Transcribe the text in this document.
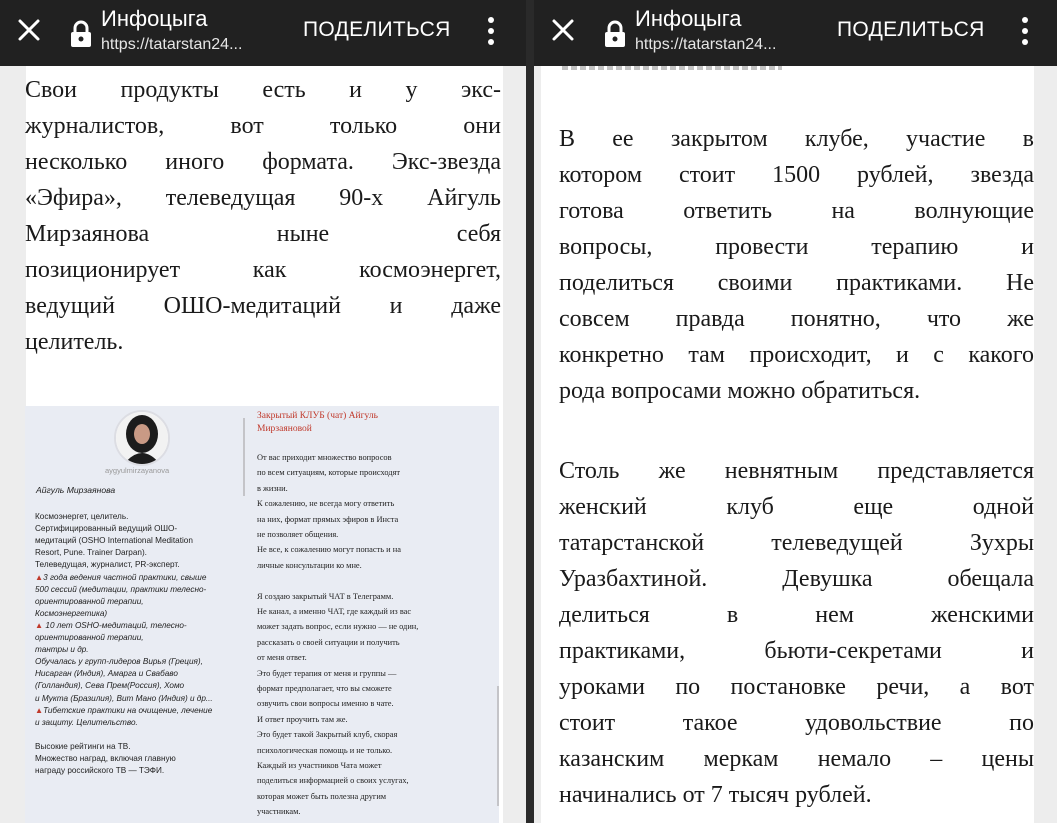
Инфоцыга
https://tatarstan24...
ПОДЕЛИТЬСЯ
Свои продукты есть и у экс-
журналистов, вот только они
несколько иного формата. Экс-звезда
«Эфира», телеведущая 90-х Айгуль
Мирзаянова ныне себя
позиционирует как космоэнергет,
ведущий ОШО-медитаций и даже
целитель.
aygyulmirzayanova
Айгуль Мирзаянова
Космоэнергет, целитель.
Сертифицированный ведущий ОШО-
медитаций (OSHO International Meditation
Resort, Pune. Trainer Darpan).
Телеведущая, журналист, PR-эксперт.
▲3 года ведения частной практики, свыше
500 сессий (медитации, практики телесно-
ориентированной терапии,
Космоэнергетика)
▲ 10 лет OSHO-медитаций, телесно-
ориентированной терапии,
тантры и др.
Обучалась у групп-лидеров Вирья (Греция),
Нисарган (Индия), Амарга и Свабаво
(Голландия), Сева Прем(Россия), Хомо
и Мукта (Бразилия), Вит Мано (Индия) и др...
▲Тибетские практики на очищение, лечение
и защиту. Целительство.
Высокие рейтинги на ТВ.
Множество наград, включая главную
награду российского ТВ — ТЭФИ.
Закрытый КЛУБ (чат) Айгуль
Мирзаяновой
От вас приходит множество вопросов
по всем ситуациям, которые происходят
в жизни.
К сожалению, не всегда могу ответить
на них, формат прямых эфиров в Инста
не позволяет общения.
Не все, к сожалению могут попасть и на
личные консультации ко мне.
Я создаю закрытый ЧАТ в Телеграмм.
Не канал, а именно ЧАТ, где каждый из вас
может задать вопрос, если нужно — не один,
рассказать о своей ситуации и получить
от меня ответ.
Это будет терапия от меня и группы —
формат предполагает, что вы сможете
озвучить свои вопросы именно в чате.
И ответ проучить там же.
Это будет такой Закрытый клуб, скорая
психологическая помощь и не только.
Каждый из участников Чата может
поделиться информацией о своих услугах,
которая может быть полезна другим
участникам.
Инфоцыга
https://tatarstan24...
ПОДЕЛИТЬСЯ
В ее закрытом клубе, участие в
котором стоит 1500 рублей, звезда
готова ответить на волнующие
вопросы, провести терапию и
поделиться своими практиками. Не
совсем правда понятно, что же
конкретно там происходит, и с какого
рода вопросами можно обратиться.
Столь же невнятным представляется
женский клуб еще одной
татарстанской телеведущей Зухры
Уразбахтиной. Девушка обещала
делиться в нем женскими
практиками, бьюти-секретами и
уроками по постановке речи, а вот
стоит такое удовольствие по
казанским меркам немало – цены
начинались от 7 тысяч рублей.
